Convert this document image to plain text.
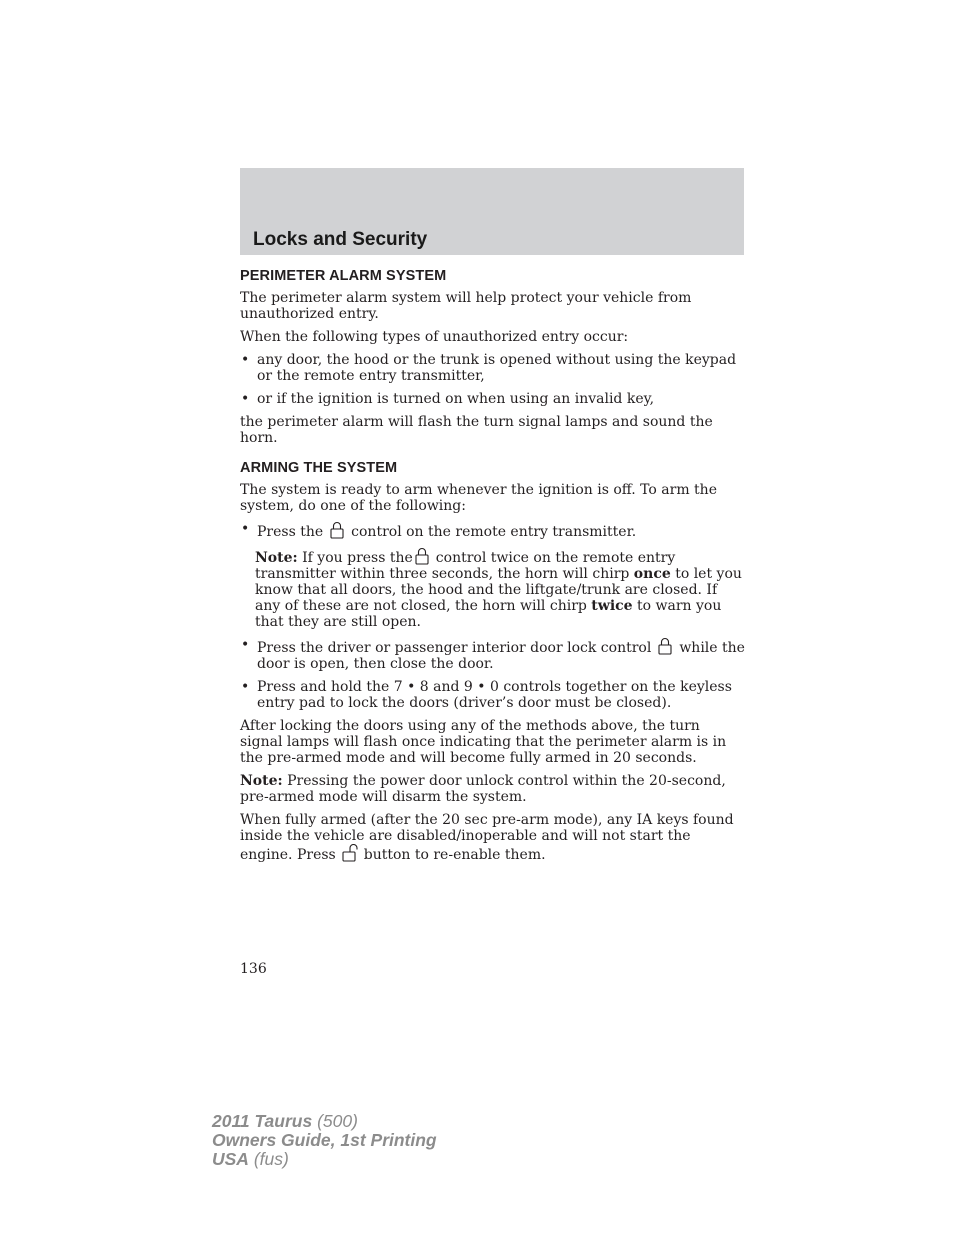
Locks and Security
PERIMETER ALARM SYSTEM

The perimeter alarm system will help protect your vehicle from unauthorized entry.

When the following types of unauthorized entry occur:

• any door, the hood or the trunk is opened without using the keypad or the remote entry transmitter,
• or if the ignition is turned on when using an invalid key,

the perimeter alarm will flash the turn signal lamps and sound the horn.

ARMING THE SYSTEM

The system is ready to arm whenever the ignition is off. To arm the system, do one of the following:

• Press the control on the remote entry transmitter.
Note: If you press the control twice on the remote entry transmitter within three seconds, the horn will chirp once to let you know that all doors, the hood and the liftgate/trunk are closed. If any of these are not closed, the horn will chirp twice to warn you that they are still open.
• Press the driver or passenger interior door lock control while the door is open, then close the door.
• Press and hold the 7 • 8 and 9 • 0 controls together on the keyless entry pad to lock the doors (driver’s door must be closed).

After locking the doors using any of the methods above, the turn signal lamps will flash once indicating that the perimeter alarm is in the pre-armed mode and will become fully armed in 20 seconds.

Note: Pressing the power door unlock control within the 20-second, pre-armed mode will disarm the system.

When fully armed (after the 20 sec pre-arm mode), any IA keys found inside the vehicle are disabled/inoperable and will not start the engine. Press button to re-enable them.

136
2011 Taurus (500)
Owners Guide, 1st Printing
USA (fus)
